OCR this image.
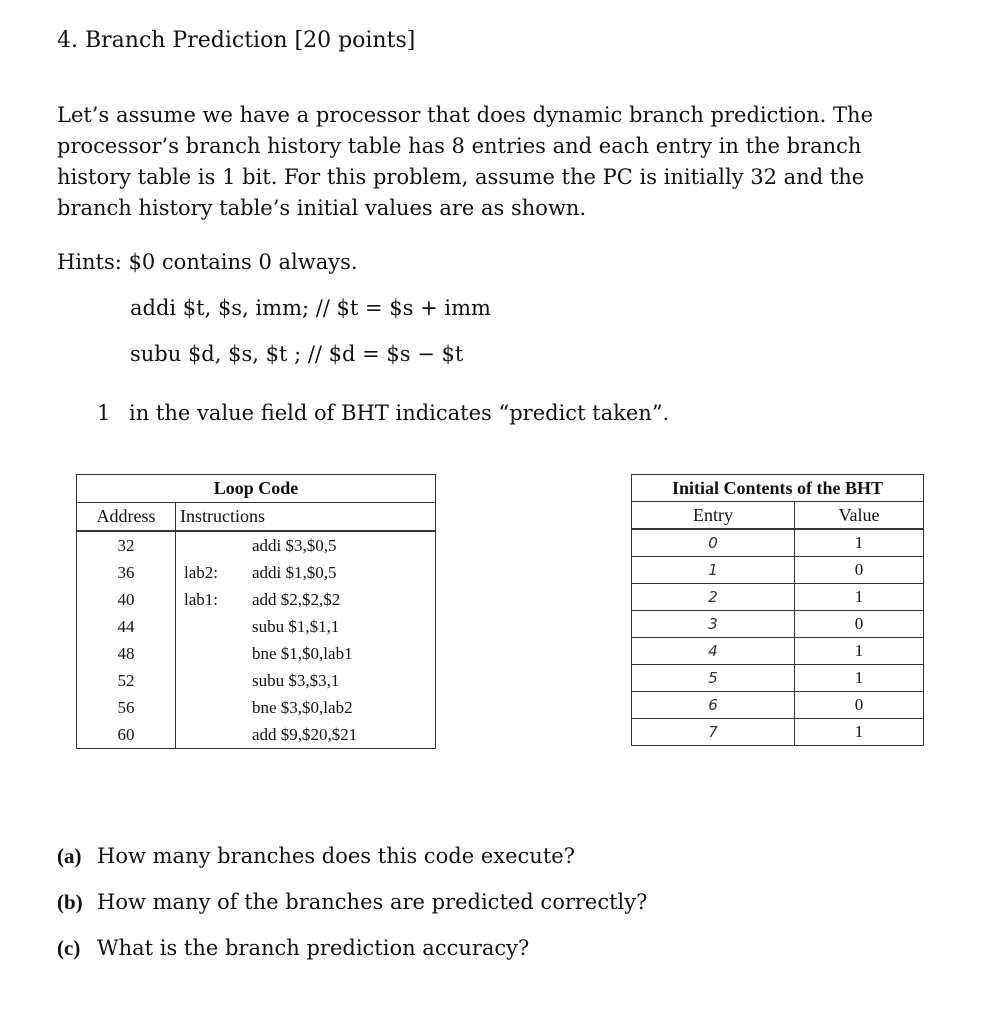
4. Branch Prediction [20 points]
Let’s assume we have a processor that does dynamic branch prediction. The processor’s branch history table has 8 entries and each entry in the branch history table is 1 bit. For this problem, assume the PC is initially 32 and the branch history table’s initial values are as shown.
Hints: $0 contains 0 always.
addi $t, $s, imm; // $t = $s + imm
subu $d, $s, $t ; // $d = $s − $t
1 in the value field of BHT indicates “predict taken”.
Loop Code		
Address	Instructions	
32		addi $3,$0,5
36	lab2:	addi $1,$0,5
40	lab1:	add $2,$2,$2
44		subu $1,$1,1
48		bne $1,$0,lab1
52		subu $3,$3,1
56		bne $3,$0,lab2
60		add $9,$20,$21
Initial Contents of the BHT	
Entry	Value
0	1
1	0
2	1
3	0
4	1
5	1
6	0
7	1
(a) How many branches does this code execute?
(b) How many of the branches are predicted correctly?
(c) What is the branch prediction accuracy?
